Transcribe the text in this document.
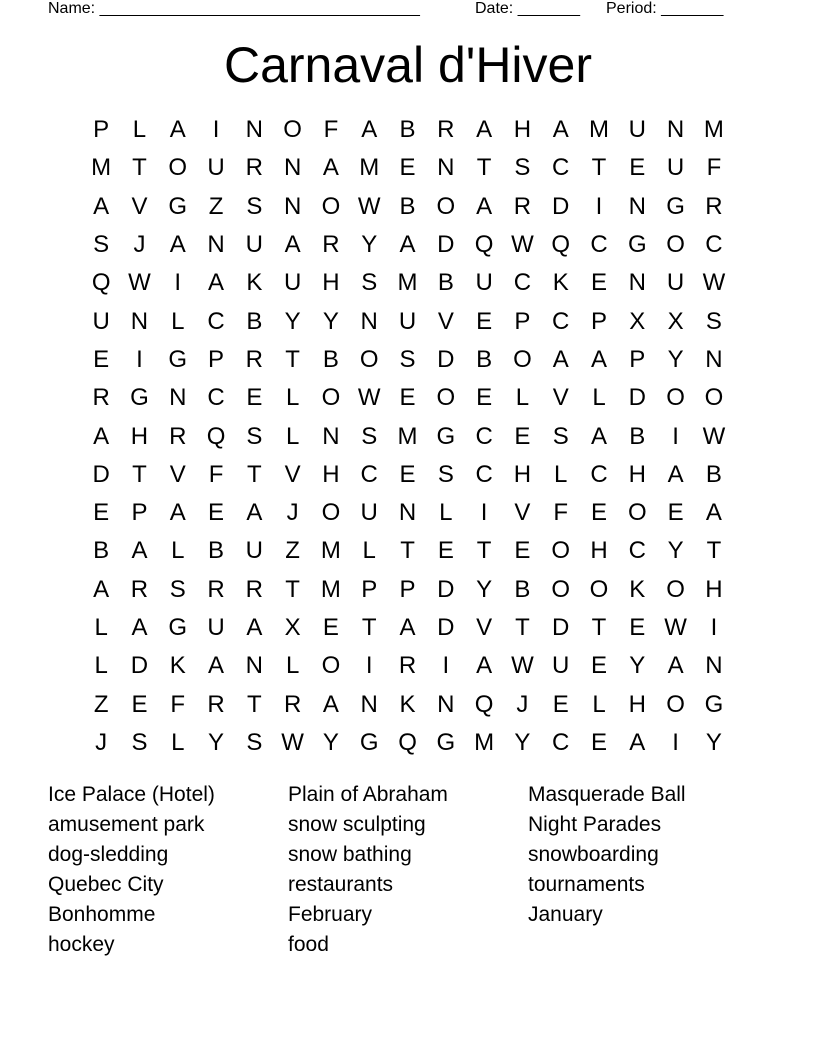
Name: ____________________________________	Date: _______ Period: _______
Carnaval d'Hiver
P L A	I	N O F A B R A H A M U N M
M T O U R N A M E N T S C T E U F
A V G Z S N O W B O A R D	I	N G R
S	J	A N U A R Y A D Q W Q C G O C
Q W I	A K U H S M B U C K E N U W
U N L C B Y Y N U V E P C P X X S
E	I	G P R T B O S D B O A A P Y N
R G N C E L O W E O E L V L D O O
A H R Q S L N S M G C E S A B	I W
D T V F T V H C E S C H L C H A B
E P A E A	J O U N L	I	V F E O E A
B A L B U Z M L	T E T E O H C Y T
A R S R R T M P P D Y B O O K O H
L A G U A X E T A D V T D T E W I
L D K A N L O	I	R	I	A W U E Y A N
Z E F R T R A N K N Q J	E L H O G
J	S L Y S W Y G Q G M Y C E A	I	Y
Ice Palace (Hotel)
amusement park
dog-sledding
Quebec City
Bonhomme
hockey
Plain of Abraham
snow sculpting
snow bathing
restaurants
February
food
Masquerade Ball
Night Parades
snowboarding
tournaments
January
